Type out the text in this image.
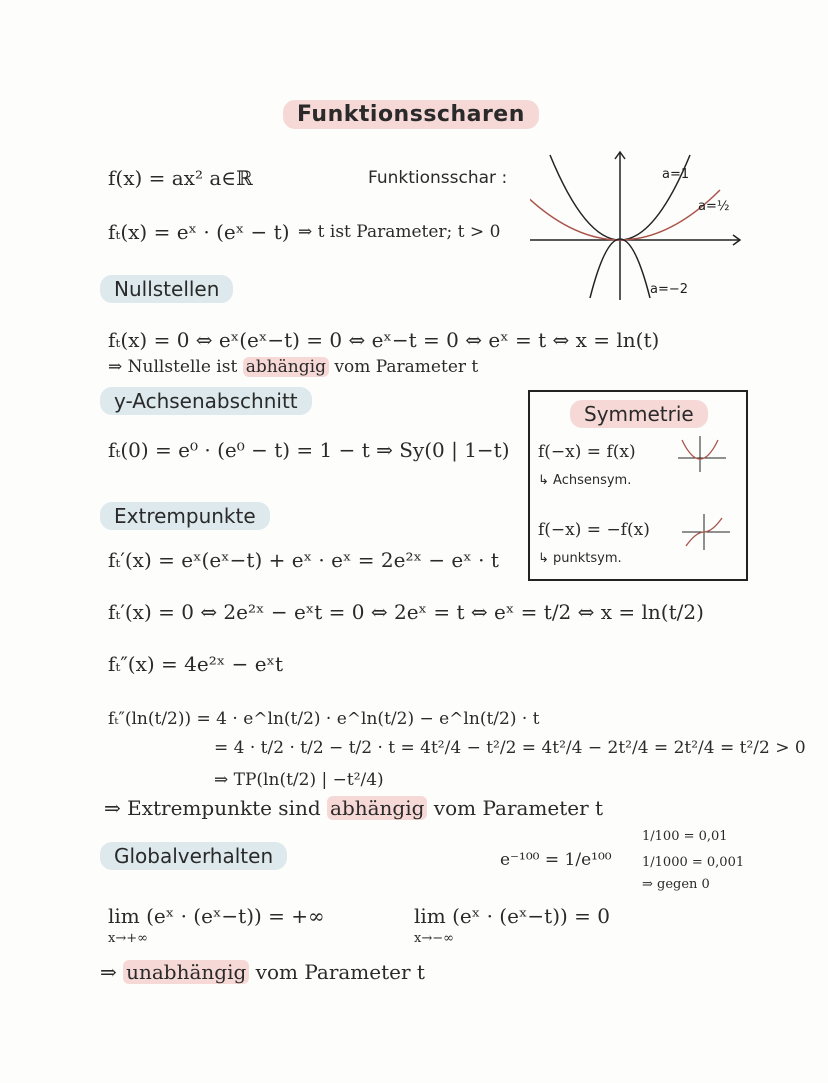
Funktionsscharen
f(x) = ax² a∈ℝ	Funktionsschar :
fₜ(x) = eˣ · (eˣ − t) ⇒ t ist Parameter; t > 0
a=1
a=½
a=−2
Nullstellen
fₜ(x) = 0 ⇔ eˣ(eˣ−t) = 0 ⇔ eˣ−t = 0 ⇔ eˣ = t ⇔ x = ln(t)
⇒ Nullstelle ist abhängig vom Parameter t
y-Achsenabschnitt
fₜ(0) = e⁰ · (e⁰ − t) = 1 − t ⇒ Sy(0 | 1−t)
Symmetrie
f(−x) = f(x)
↳ Achsensym.
f(−x) = −f(x)
↳ punktsym.
Extrempunkte
fₜ′(x) = eˣ(eˣ−t) + eˣ · eˣ = 2e²ˣ − eˣ · t
fₜ′(x) = 0 ⇔ 2e²ˣ − eˣt = 0 ⇔ 2eˣ = t ⇔ eˣ = t/2 ⇔ x = ln(t/2)
fₜ″(x) = 4e²ˣ − eˣt
fₜ″(ln(t/2)) = 4 · e^ln(t/2) · e^ln(t/2) − e^ln(t/2) · t
= 4 · t/2 · t/2 − t/2 · t = 4t²/4 − t²/2 = 4t²/4 − 2t²/4 = 2t²/4 = t²/2 > 0
⇒ TP(ln(t/2) | −t²/4)
⇒ Extrempunkte sind abhängig vom Parameter t
Globalverhalten	e⁻¹⁰⁰ = 1/e¹⁰⁰
1/100 = 0,01
1/1000 = 0,001
⇒ gegen 0
lim (eˣ · (eˣ−t)) = +∞
x→+∞
lim (eˣ · (eˣ−t)) = 0
x→−∞
⇒ unabhängig vom Parameter t
